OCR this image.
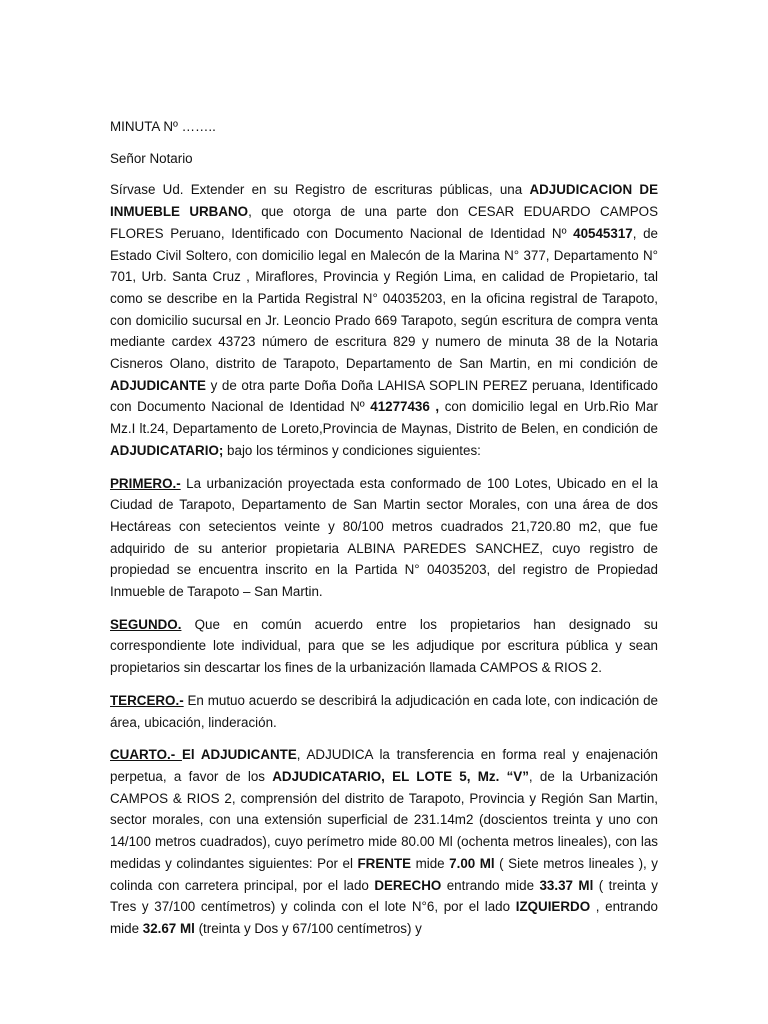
MINUTA Nº ……..

Señor Notario

Sírvase Ud. Extender en su Registro de escrituras públicas, una ADJUDICACION DE INMUEBLE URBANO, que otorga de una parte don CESAR EDUARDO CAMPOS FLORES Peruano, Identificado con Documento Nacional de Identidad Nº 40545317, de Estado Civil Soltero, con domicilio legal en Malecón de la Marina N° 377, Departamento N° 701, Urb. Santa Cruz , Miraflores, Provincia y Región Lima, en calidad de Propietario, tal como se describe en la Partida Registral N° 04035203, en la oficina registral de Tarapoto, con domicilio sucursal en Jr. Leoncio Prado 669 Tarapoto, según escritura de compra venta mediante cardex 43723 número de escritura 829 y numero de minuta 38 de la Notaria Cisneros Olano, distrito de Tarapoto, Departamento de San Martin, en mi condición de ADJUDICANTE y de otra parte Doña Doña LAHISA SOPLIN PEREZ peruana, Identificado con Documento Nacional de Identidad Nº 41277436 , con domicilio legal en Urb.Rio Mar Mz.I lt.24, Departamento de Loreto,Provincia de Maynas, Distrito de Belen, en condición de ADJUDICATARIO; bajo los términos y condiciones siguientes:

PRIMERO.- La urbanización proyectada esta conformado de 100 Lotes, Ubicado en el la Ciudad de Tarapoto, Departamento de San Martin sector Morales, con una área de dos Hectáreas con setecientos veinte y 80/100 metros cuadrados 21,720.80 m2, que fue adquirido de su anterior propietaria ALBINA PAREDES SANCHEZ, cuyo registro de propiedad se encuentra inscrito en la Partida N° 04035203, del registro de Propiedad Inmueble de Tarapoto – San Martin.

SEGUNDO. Que en común acuerdo entre los propietarios han designado su correspondiente lote individual, para que se les adjudique por escritura pública y sean propietarios sin descartar los fines de la urbanización llamada CAMPOS & RIOS 2.

TERCERO.- En mutuo acuerdo se describirá la adjudicación en cada lote, con indicación de área, ubicación, linderación.

CUARTO.- El ADJUDICANTE, ADJUDICA la transferencia en forma real y enajenación perpetua, a favor de los ADJUDICATARIO, EL LOTE 5, Mz. “V”, de la Urbanización CAMPOS & RIOS 2, comprensión del distrito de Tarapoto, Provincia y Región San Martin, sector morales, con una extensión superficial de 231.14m2 (doscientos treinta y uno con 14/100 metros cuadrados), cuyo perímetro mide 80.00 Ml (ochenta metros lineales), con las medidas y colindantes siguientes: Por el FRENTE mide 7.00 Ml ( Siete metros lineales ), y colinda con carretera principal, por el lado DERECHO entrando mide 33.37 Ml ( treinta y Tres y 37/100 centímetros) y colinda con el lote N°6, por el lado IZQUIERDO , entrando mide 32.67 Ml (treinta y Dos y 67/100 centímetros) y
